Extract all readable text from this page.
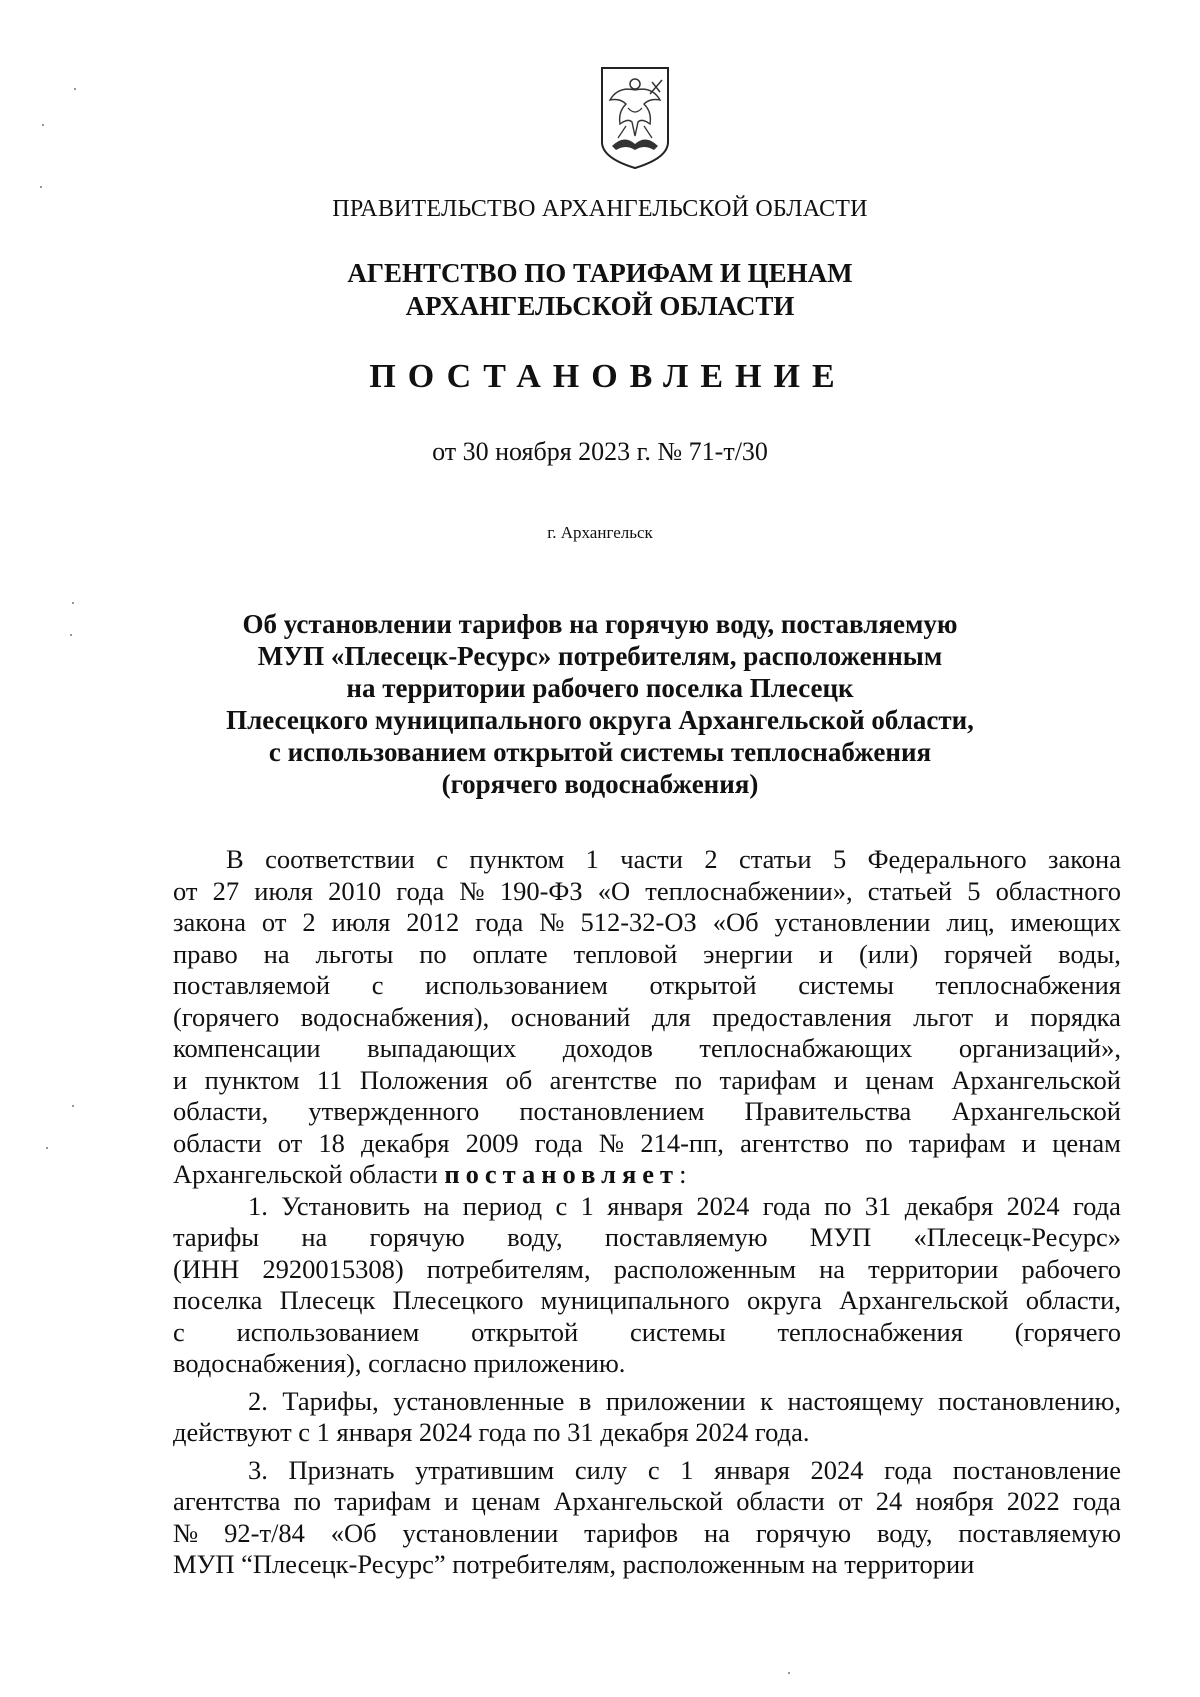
ПРАВИТЕЛЬСТВО АРХАНГЕЛЬСКОЙ ОБЛАСТИ
АГЕНТСТВО ПО ТАРИФАМ И ЦЕНАМ
АРХАНГЕЛЬСКОЙ ОБЛАСТИ
ПОСТАНОВЛЕНИЕ
от 30 ноября 2023 г. № 71-т/30
г. Архангельск
Об установлении тарифов на горячую воду, поставляемую
МУП «Плесецк-Ресурс» потребителям, расположенным
на территории рабочего поселка Плесецк
Плесецкого муниципального округа Архангельской области,
с использованием открытой системы теплоснабжения
(горячего водоснабжения)
В соответствии с пунктом 1 части 2 статьи 5 Федерального закона
от 27 июля 2010 года № 190-ФЗ «О теплоснабжении», статьей 5 областного
закона от 2 июля 2012 года № 512-32-ОЗ «Об установлении лиц, имеющих
право на льготы по оплате тепловой энергии и (или) горячей воды,
поставляемой с использованием открытой системы теплоснабжения
(горячего водоснабжения), оснований для предоставления льгот и порядка
компенсации выпадающих доходов теплоснабжающих организаций»,
и пунктом 11 Положения об агентстве по тарифам и ценам Архангельской
области, утвержденного постановлением Правительства Архангельской
области от 18 декабря 2009 года № 214-пп, агентство по тарифам и ценам
Архангельской области постановляет:
1. Установить на период с 1 января 2024 года по 31 декабря 2024 года
тарифы на горячую воду, поставляемую МУП «Плесецк-Ресурс»
(ИНН 2920015308) потребителям, расположенным на территории рабочего
поселка Плесецк Плесецкого муниципального округа Архангельской области,
с использованием открытой системы теплоснабжения (горячего
водоснабжения), согласно приложению.
2. Тарифы, установленные в приложении к настоящему постановлению,
действуют с 1 января 2024 года по 31 декабря 2024 года.
3. Признать утратившим силу с 1 января 2024 года постановление
агентства по тарифам и ценам Архангельской области от 24 ноября 2022 года
№ 92-т/84 «Об установлении тарифов на горячую воду, поставляемую
МУП “Плесецк-Ресурс” потребителям, расположенным на территории
